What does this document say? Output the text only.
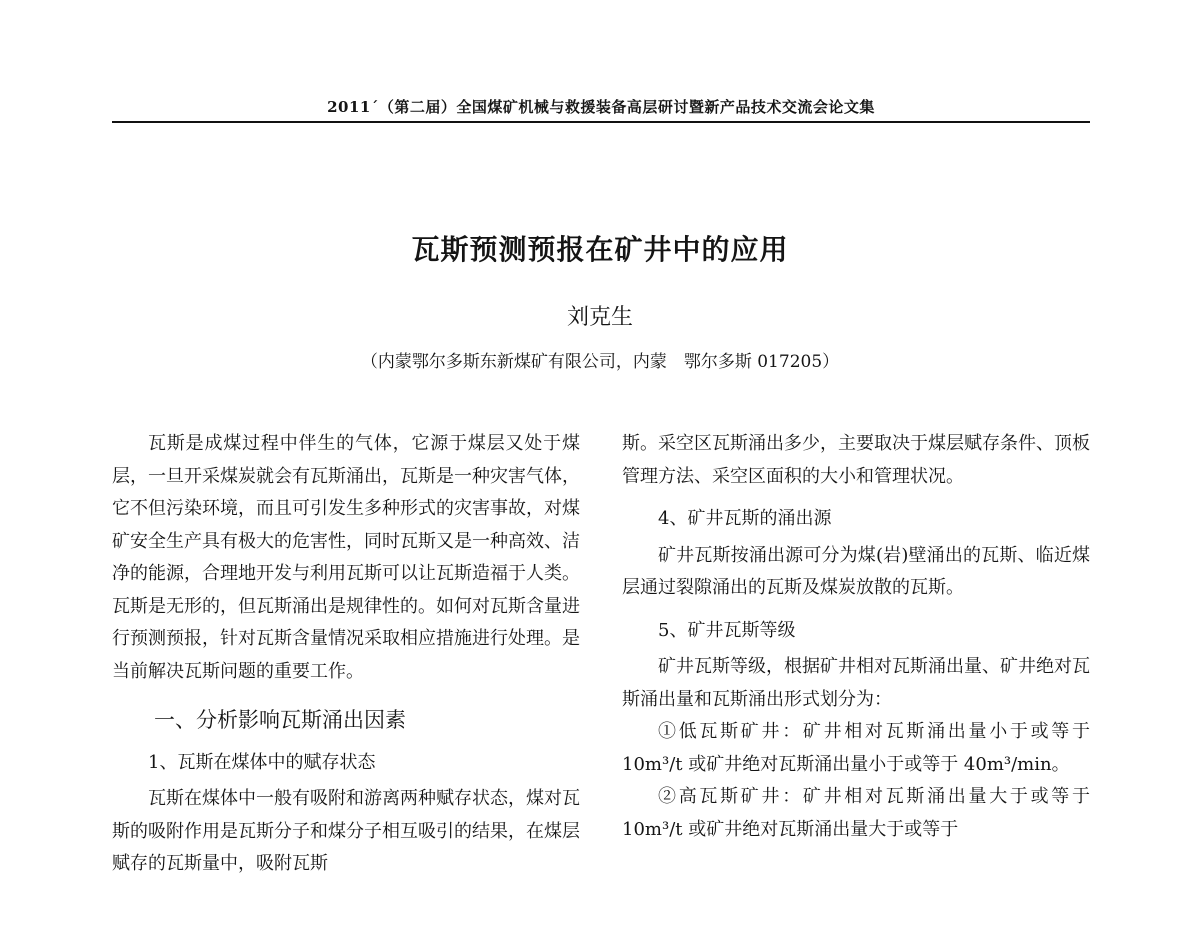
2011´（第二届）全国煤矿机械与救援装备高层研讨暨新产品技术交流会论文集
瓦斯预测预报在矿井中的应用
刘克生
（内蒙鄂尔多斯东新煤矿有限公司，内蒙　鄂尔多斯 017205）

瓦斯是成煤过程中伴生的气体，它源于煤层又处于煤层，一旦开采煤炭就会有瓦斯涌出，瓦斯是一种灾害气体，它不但污染环境，而且可引发生多种形式的灾害事故，对煤矿安全生产具有极大的危害性，同时瓦斯又是一种高效、洁净的能源，合理地开发与利用瓦斯可以让瓦斯造福于人类。瓦斯是无形的，但瓦斯涌出是规律性的。如何对瓦斯含量进行预测预报，针对瓦斯含量情况采取相应措施进行处理。是当前解决瓦斯问题的重要工作。

一、分析影响瓦斯涌出因素
1、瓦斯在煤体中的赋存状态

瓦斯在煤体中一般有吸附和游离两种赋存状态，煤对瓦斯的吸附作用是瓦斯分子和煤分子相互吸引的结果，在煤层赋存的瓦斯量中，吸附瓦斯

斯。采空区瓦斯涌出多少，主要取决于煤层赋存条件、顶板管理方法、采空区面积的大小和管理状况。

4、矿井瓦斯的涌出源

矿井瓦斯按涌出源可分为煤(岩)壁涌出的瓦斯、临近煤层通过裂隙涌出的瓦斯及煤炭放散的瓦斯。

5、矿井瓦斯等级

矿井瓦斯等级，根据矿井相对瓦斯涌出量、矿井绝对瓦斯涌出量和瓦斯涌出形式划分为：

①低瓦斯矿井：矿井相对瓦斯涌出量小于或等于 10m³/t 或矿井绝对瓦斯涌出量小于或等于 40m³/min。

②高瓦斯矿井：矿井相对瓦斯涌出量大于或等于 10m³/t 或矿井绝对瓦斯涌出量大于或等于
